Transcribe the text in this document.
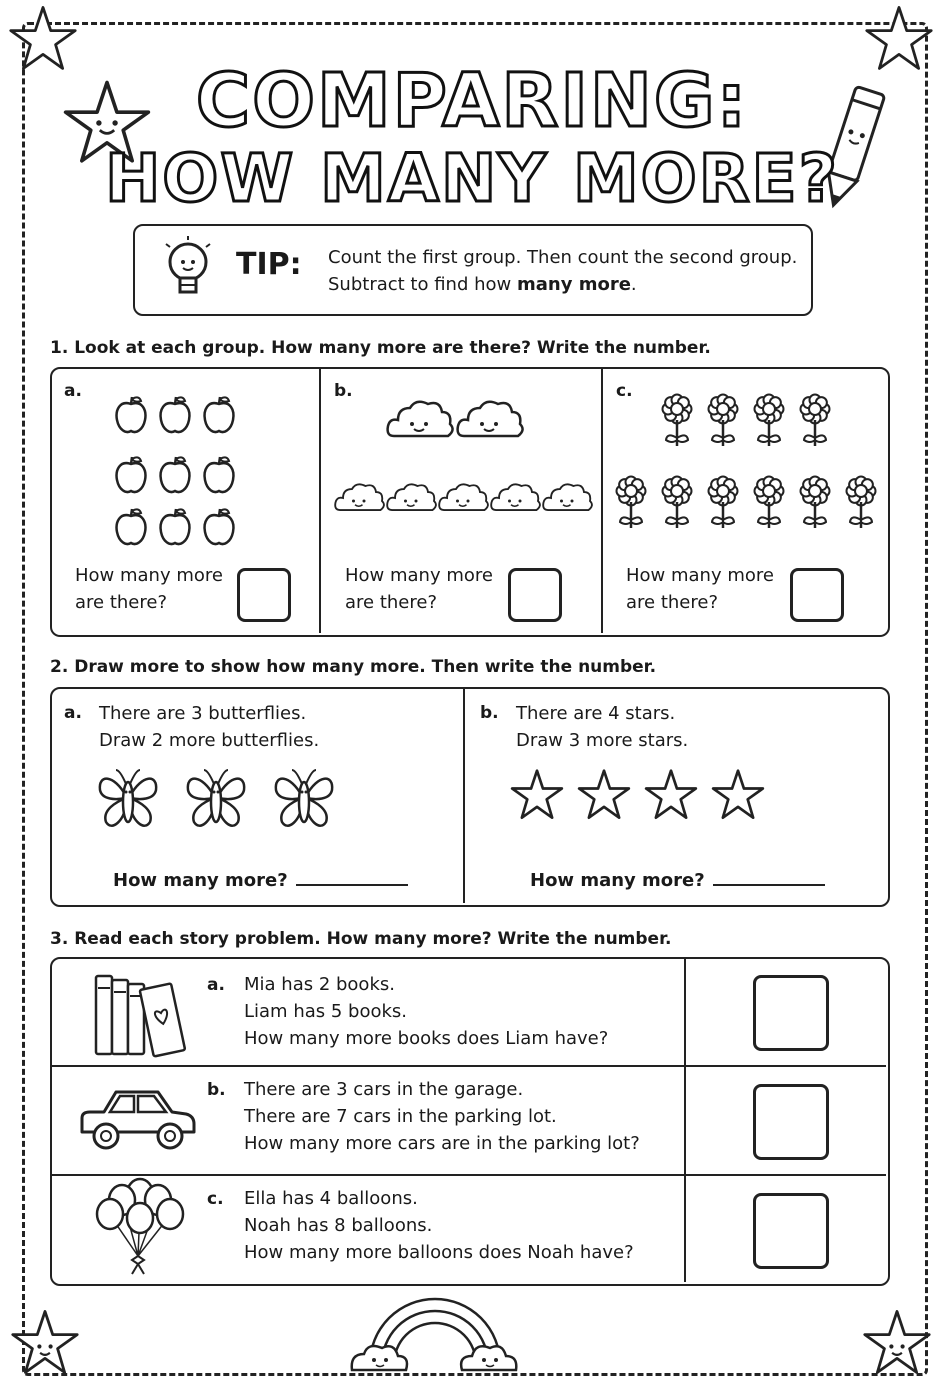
COMPARING:
HOW MANY MORE?
TIP: Count the first group. Then count the second group.
Subtract to find how many more.
1. Look at each group. How many more are there? Write the number.
a.	b.	c.
How many more
are there?
How many more
are there?
How many more
are there?
2. Draw more to show how many more. Then write the number.
a. There are 3 butterflies.
Draw 2 more butterflies.
b. There are 4 stars.
Draw 3 more stars.
How many more?	How many more?
3. Read each story problem. How many more? Write the number.
a. Mia has 2 books.
Liam has 5 books.
How many more books does Liam have?
b. There are 3 cars in the garage.
There are 7 cars in the parking lot.
How many more cars are in the parking lot?
c. Ella has 4 balloons.
Noah has 8 balloons.
How many more balloons does Noah have?
